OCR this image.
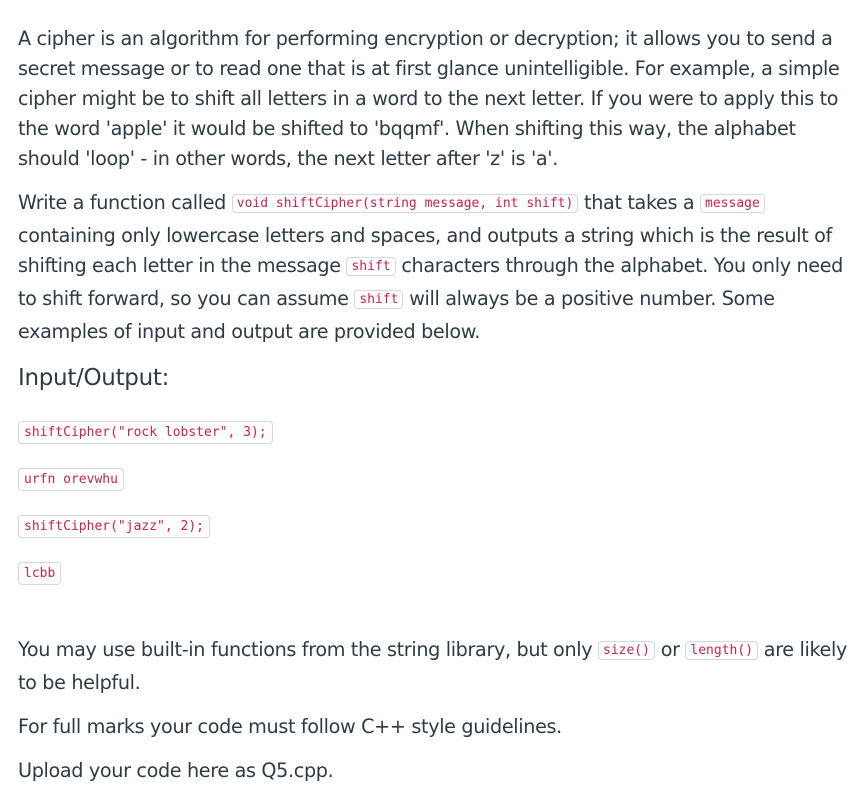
A cipher is an algorithm for performing encryption or decryption; it allows you to send a secret message or to read one that is at first glance unintelligible. For example, a simple cipher might be to shift all letters in a word to the next letter. If you were to apply this to the word 'apple' it would be shifted to 'bqqmf'. When shifting this way, the alphabet should 'loop' - in other words, the next letter after 'z' is 'a'.

Write a function called void shiftCipher(string message, int shift) that takes a message containing only lowercase letters and spaces, and outputs a string which is the result of shifting each letter in the message shift characters through the alphabet. You only need to shift forward, so you can assume shift will always be a positive number. Some examples of input and output are provided below.

Input/Output:
shiftCipher("rock lobster", 3);
urfn orevwhu
shiftCipher("jazz", 2);
lcbb

You may use built-in functions from the string library, but only size() or length() are likely to be helpful.

For full marks your code must follow C++ style guidelines.

Upload your code here as Q5.cpp.
